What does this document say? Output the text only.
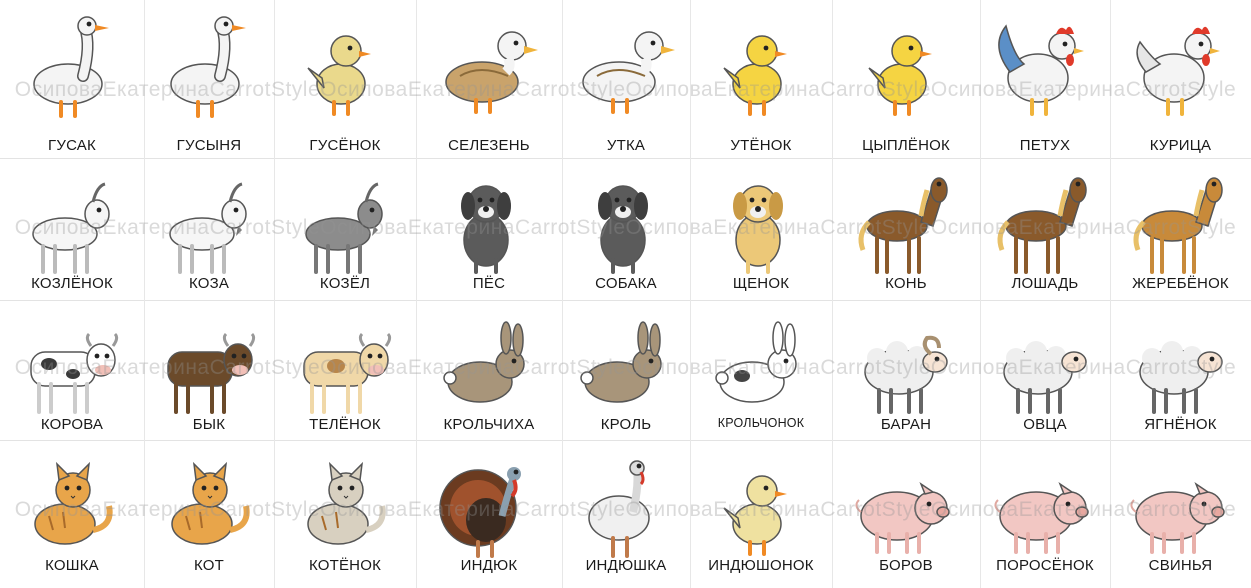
ГУСАК	ГУСЫНЯ	ГУСЁНОК	СЕЛЕЗЕНЬ	УТКА	УТЁНОК	ЦЫПЛЁНОК	ПЕТУХ	КУРИЦА
КОЗЛЁНОК	КОЗА	КОЗЁЛ	ПЁС	СОБАКА	ЩЕНОК	КОНЬ	ЛОШАДЬ	ЖЕРЕБЁНОК
КОРОВА	БЫК	ТЕЛЁНОК	КРОЛЬЧИХА	КРОЛЬ	КРОЛЬЧОНОК	БАРАН	ОВЦА	ЯГНЁНОК
КОШКА	КОТ	КОТЁНОК	ИНДЮК	ИНДЮШКА	ИНДЮШОНОК	БОРОВ	ПОРОСЁНОК	СВИНЬЯ
ОсиповаЕкатеринаCarrotStyleОсиповаЕкатеринаCarrotStyleОсиповаЕкатеринаCarrotStyleОсиповаЕкатеринаCarrotStyle
ОсиповаЕкатеринаCarrotStyleОсиповаЕкатеринаCarrotStyleОсиповаЕкатеринаCarrotStyleОсиповаЕкатеринаCarrotStyle
ОсиповаЕкатеринаCarrotStyleОсиповаЕкатеринаCarrotStyleОсиповаЕкатеринаCarrotStyleОсиповаЕкатеринаCarrotStyle
ОсиповаЕкатеринаCarrotStyleОсиповаЕкатеринаCarrotStyleОсиповаЕкатеринаCarrotStyleОсиповаЕкатеринаCarrotStyle
